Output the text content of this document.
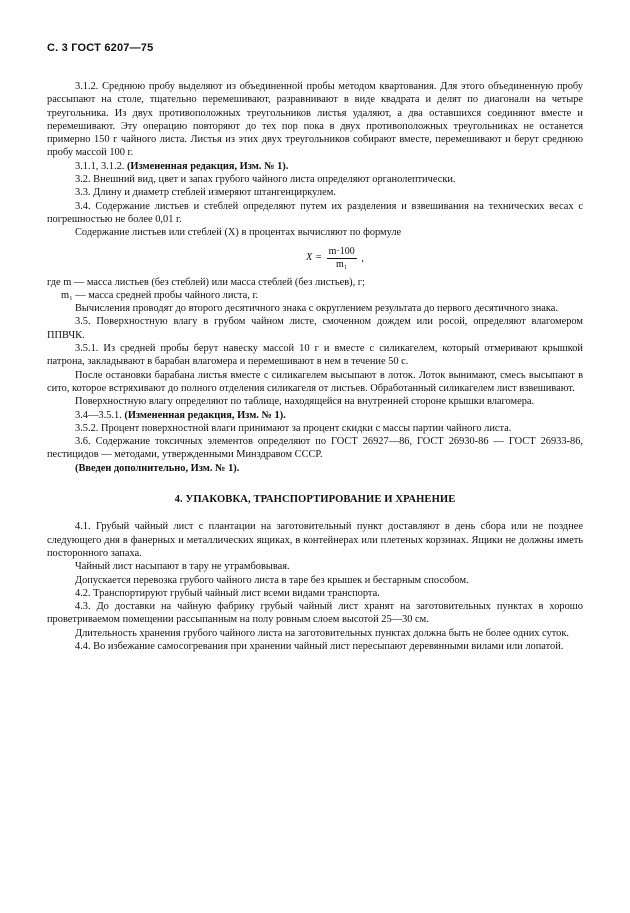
С. 3 ГОСТ 6207—75

3.1.2. Среднюю пробу выделяют из объединенной пробы методом квартования. Для этого объединенную пробу рассыпают на столе, тщательно перемешивают, разравнивают в виде квадрата и делят по диагонали на четыре треугольника. Из двух противоположных треугольников листья удаляют, а два оставшихся соединяют вместе и перемешивают. Эту операцию повторяют до тех пор пока в двух противоположных треугольниках не останется примерно 150 г чайного листа. Листья из этих двух треугольников собирают вместе, перемешивают и берут среднюю пробу массой 100 г.

3.1.1, 3.1.2. (Измененная редакция, Изм. № 1).

3.2. Внешний вид, цвет и запах грубого чайного листа определяют органолептически.

3.3. Длину и диаметр стеблей измеряют штангенциркулем.

3.4. Содержание листьев и стеблей определяют путем их разделения и взвешивания на технических весах с погрешностью не более 0,01 г.

Содержание листьев или стеблей (X) в процентах вычисляют по формуле

$X = \frac{m\cdot 100}{\text{m₁}}$ ,

где m — масса листьев (без стеблей) или масса стеблей (без листьев), г;

m₁ — масса средней пробы чайного листа, г.

Вычисления проводят до второго десятичного знака с округлением результата до первого десятичного знака.

3.5. Поверхностную влагу в грубом чайном листе, смоченном дождем или росой, определяют влагомером ППВЧК.

3.5.1. Из средней пробы берут навеску массой 10 г и вместе с силикагелем, который отмеривают крышкой патрона, закладывают в барабан влагомера и перемешивают в нем в течение 50 с.

После остановки барабана листья вместе с силикагелем высыпают в лоток. Лоток вынимают, смесь высыпают в сито, которое встряхивают до полного отделения силикагеля от листьев. Обработанный силикагелем лист взвешивают.

Поверхностную влагу определяют по таблице, находящейся на внутренней стороне крышки влагомера.

3.4—3.5.1. (Измененная редакция, Изм. № 1).

3.5.2. Процент поверхностной влаги принимают за процент скидки с массы партии чайного листа.

3.6. Содержание токсичных элементов определяют по ГОСТ 26927—86, ГОСТ 26930-86 — ГОСТ 26933-86, пестицидов — методами, утвержденными Минздравом СССР.

(Введен дополнительно, Изм. № 1).

4. УПАКОВКА, ТРАНСПОРТИРОВАНИЕ И ХРАНЕНИЕ

4.1. Грубый чайный лист с плантации на заготовительный пункт доставляют в день сбора или не позднее следующего дня в фанерных и металлических ящиках, в контейнерах или плетеных корзинах. Ящики не должны иметь посторонного запаха.

Чайный лист насыпают в тару не утрамбовывая.

Допускается перевозка грубого чайного листа в таре без крышек и бестарным способом.

4.2. Транспортируют грубый чайный лист всеми видами транспорта.

4.3. До доставки на чайную фабрику грубый чайный лист хранят на заготовительных пунктах в хорошо проветриваемом помещении рассыпанным на полу ровным слоем высотой 25—30 см.

Длительность хранения грубого чайного листа на заготовительных пунктах должна быть не более одних суток.

4.4. Во избежание самосогревания при хранении чайный лист пересыпают деревянными вилами или лопатой.
